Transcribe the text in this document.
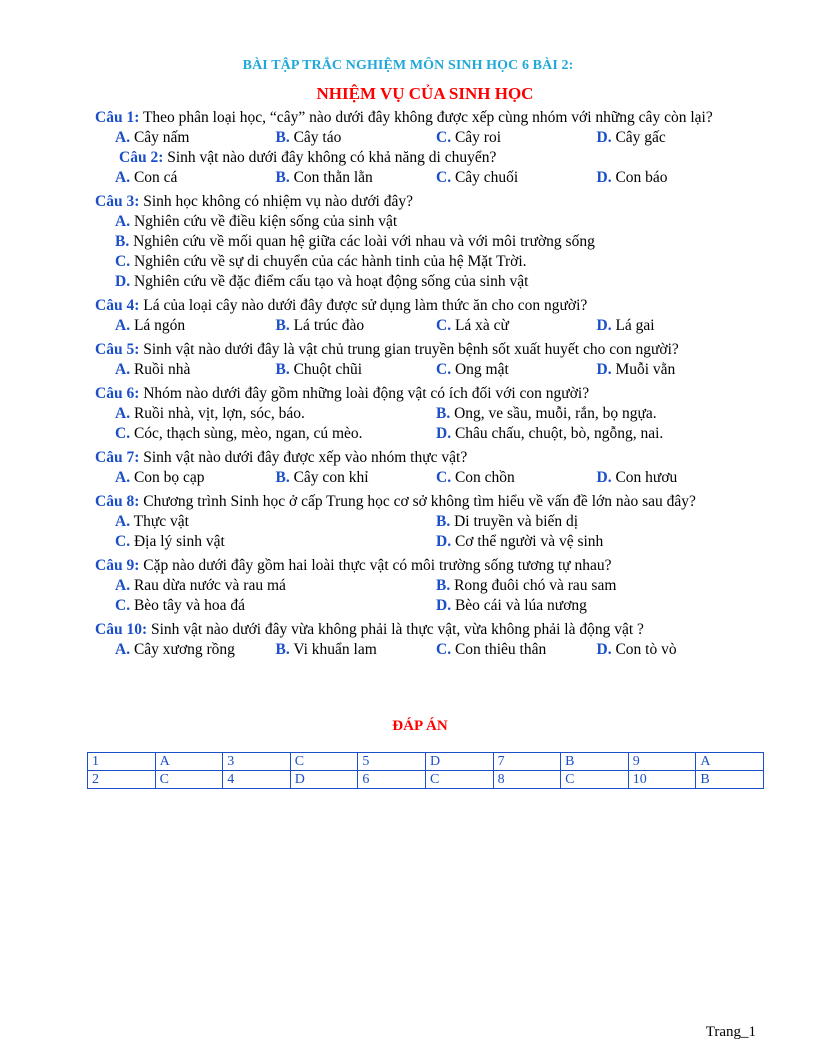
BÀI TẬP TRẮC NGHIỆM MÔN SINH HỌC 6 BÀI 2:
NHIỆM VỤ CỦA SINH HỌC
Câu 1: Theo phân loại học, “cây” nào dưới đây không được xếp cùng nhóm với những cây còn lại?
A. Cây nấm	B. Cây táo	C. Cây roi	D. Cây gấc
Câu 2: Sinh vật nào dưới đây không có khả năng di chuyển?
A. Con cá	B. Con thằn lằn	C. Cây chuối	D. Con báo
Câu 3: Sinh học không có nhiệm vụ nào dưới đây?
A. Nghiên cứu về điều kiện sống của sinh vật
B. Nghiên cứu về mối quan hệ giữa các loài với nhau và với môi trường sống
C. Nghiên cứu về sự di chuyển của các hành tinh của hệ Mặt Trời.
D. Nghiên cứu về đặc điểm cấu tạo và hoạt động sống của sinh vật
Câu 4: Lá của loại cây nào dưới đây được sử dụng làm thức ăn cho con người?
A. Lá ngón	B. Lá trúc đào	C. Lá xà cừ	D. Lá gai
Câu 5: Sinh vật nào dưới đây là vật chủ trung gian truyền bệnh sốt xuất huyết cho con người?
A. Ruồi nhà	B. Chuột chũi	C. Ong mật	D. Muỗi vằn
Câu 6: Nhóm nào dưới đây gồm những loài động vật có ích đối với con người?
A. Ruồi nhà, vịt, lợn, sóc, báo.	B. Ong, ve sầu, muỗi, rắn, bọ ngựa.
C. Cóc, thạch sùng, mèo, ngan, cú mèo.	D. Châu chấu, chuột, bò, ngỗng, nai.
Câu 7: Sinh vật nào dưới đây được xếp vào nhóm thực vật?
A. Con bọ cạp	B. Cây con khỉ	C. Con chồn	D. Con hươu
Câu 8: Chương trình Sinh học ở cấp Trung học cơ sở không tìm hiểu về vấn đề lớn nào sau đây?
A. Thực vật	B. Di truyền và biến dị
C. Địa lý sinh vật	D. Cơ thể người và vệ sinh
Câu 9: Cặp nào dưới đây gồm hai loài thực vật có môi trường sống tương tự nhau?
A. Rau dừa nước và rau má	B. Rong đuôi chó và rau sam
C. Bèo tây và hoa đá	D. Bèo cái và lúa nương
Câu 10: Sinh vật nào dưới đây vừa không phải là thực vật, vừa không phải là động vật ?
A. Cây xương rồng	B. Vi khuẩn lam	C. Con thiêu thân	D. Con tò vò
ĐÁP ÁN
1	A	3	C	5	D	7	B	9	A
2	C	4	D	6	C	8	C	10	B
Trang_1
